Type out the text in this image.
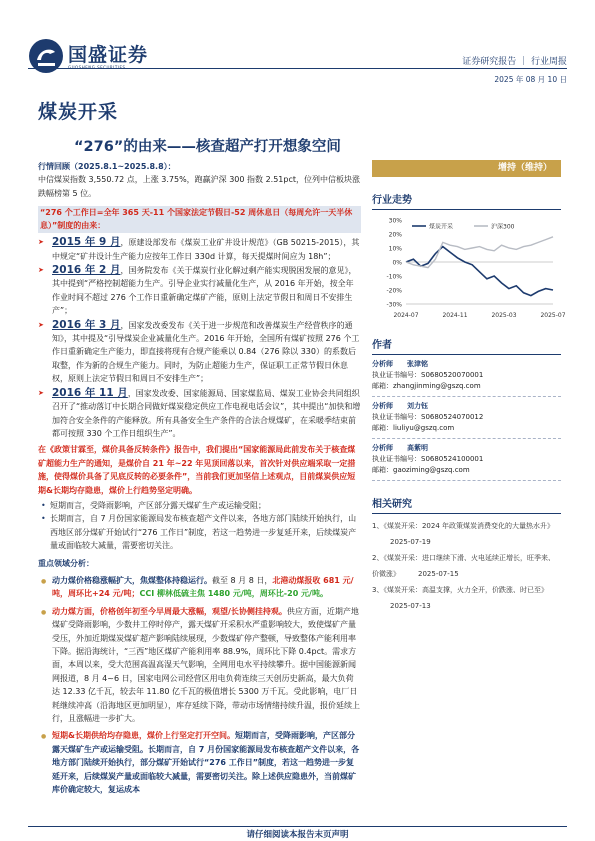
国盛证券	证券研究报告 ｜ 行业周报
2025 年 08 月 10 日
煤炭开采
“276”的由来——核查超产打开想象空间

行情回顾（2025.8.1~2025.8.8）：

中信煤炭指数 3,550.72 点，上涨 3.75%，跑赢沪深 300 指数 2.51pct，位列中信板块涨跌幅榜第 5 位。

“276 个工作日=全年 365 天-11 个国家法定节假日-52 周休息日（每周允许一天半休息）”制度的由来：
➤ 2015 年 9 月，原建设部发布《煤炭工业矿井设计规范》（GB 50215-2015），其中规定“矿井设计生产能力应按年工作日 330d 计算，每天提煤时间应为 18h”；
➤ 2016 年 2 月，国务院发布《关于煤炭行业化解过剩产能实现脱困发展的意见》，其中提到“严格控制超能力生产。引导企业实行减量化生产，从 2016 年开始，按全年作业时间不超过 276 个工作日重新确定煤矿产能，原则上法定节假日和周日不安排生产”；
➤ 2016 年 3 月，国家发改委发布《关于进一步规范和改善煤炭生产经营秩序的通知》，其中提及“引导煤炭企业减量化生产。2016 年开始，全国所有煤矿按照 276 个工作日重新确定生产能力，即直接将现有合规产能乘以 0.84（276 除以 330）的系数后取整，作为新的合规生产能力。同时，为防止超能力生产，保证职工正常节假日休息权，原则上法定节假日和周日不安排生产”；
➤ 2016 年 11 月，国家发改委、国家能源局、国家煤监局、煤炭工业协会共同组织召开了“推动落订中长期合同做好煤炭稳定供应工作电视电话会议”，其中提出“加快和增加符合安全条件的产能释放。所有具备安全生产条件的合法合规煤矿，在采暖季结束前都可按照 330 个工作日组织生产”。

在《政策甘霖至，煤价具备反转条件》报告中，我们提出“国家能源局此前发布关于核查煤矿超能力生产的通知，是煤价自 21 年~22 年见顶回落以来，首次针对供应端采取一定措施，使得煤价具备了见底反转的必要条件”，当前我们更加坚信上述观点，目前煤炭供应短期&长期均存隐患，煤价上行趋势坚定明确。

• 短期而言，受降雨影响，产区部分露天煤矿生产或运输受阻；
• 长期而言，自 7 月份国家能源局发布核查超产文件以来，各地方部门陆续开始执行，山西地区部分煤矿开始试行“276 工作日”制度，若这一趋势进一步复延开来，后续煤炭产量或面临较大减量，需要密切关注。

重点领域分析：

● 动力煤价格稳涨幅扩大，焦煤整体持稳运行。截至 8 月 8 日，北港动煤报收 681 元/吨，周环比+24 元/吨；CCI 柳林低硫主焦 1480 元/吨，周环比-20 元/吨。
● 动力煤方面，价格创年初至今早周最大涨幅，观望/长协侧挂持观。供应方面，近期产地煤矿受降雨影响，少数井工停时停产，露天煤矿开采积水严重影响较大，致使煤矿产量受压，外加近期煤炭煤矿超产影响陆续展现，少数煤矿停产整顿，导致整体产能利用率下降。据沿海统计，“三西”地区煤矿产能利用率 88.9%，周环比下降 0.4pct。需求方面，本周以来，受大范围高温高湿天气影响，全网用电水平持续攀升。据中国能源新闻网报道，8 月 4~6 日，国家电网公司经营区用电负荷连续三天创历史新高，最大负荷达 12.33 亿千瓦，较去年 11.80 亿千瓦的极值增长 5300 万千瓦。受此影响，电厂日耗继续冲高（沿海地区更加明显），库存延续下降，带动市场情绪持续升温，报价延续上行，且涨幅进一步扩大。
● 短期&长期供给均存隐患，煤价上行坚定打开空间。短期而言，受降雨影响，产区部分露天煤矿生产或运输受阻。长期而言，自 7 月份国家能源局发布核查超产文件以来，各地方部门陆续开始执行，部分煤矿开始试行“276 工作日”制度，若这一趋势进一步复延开来，后续煤炭产量或面临较大减量，需要密切关注。除上述供应隐患外，当前煤矿库价确定较大，复运成本
增持（维持）
行业走势
30%
20%
10%
0%
-10%
-20%
-30%
2024-07	2024-11	2025-03	2025-07
煤炭开采	沪深300
作者
分析师 张津铭
执业证书编号：S0680520070001
邮箱：zhangjinming@gszq.com
分析师 刘力钰
执业证书编号：S0680524070012
邮箱：liuliyu@gszq.com
分析师 高紫明
执业证书编号：S0680524100001
邮箱：gaoziming@gszq.com
相关研究
1、《煤炭开采：2024 年政策煤炭消费变化的大量热水升》2025-07-19
2、《煤炭开采：进口继续下滑、火电延续正增长，旺季来、价微涨》	2025-07-15
3、《煤炭开采：高温支撑，火力全开，价跌涨、时已至》2025-07-13
请仔细阅读本报告末页声明
